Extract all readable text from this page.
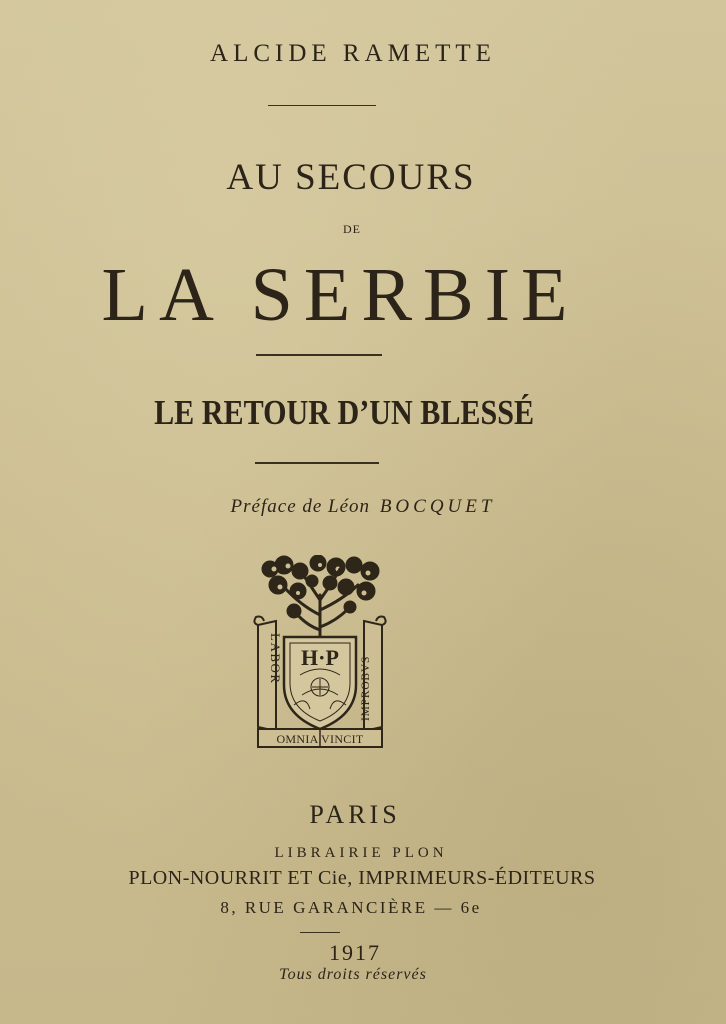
ALCIDE RAMETTE
AU SECOURS
DE
LA SERBIE
LE RETOUR D’UN BLESSÉ
Préface de Léon BOCQUET
H·P
LABOR	IMPROBVS
OMNIA VINCIT
PARIS
LIBRAIRIE PLON
PLON-NOURRIT ET Cie, IMPRIMEURS-ÉDITEURS
8, RUE GARANCIÈRE — 6e
1917
Tous droits réservés
